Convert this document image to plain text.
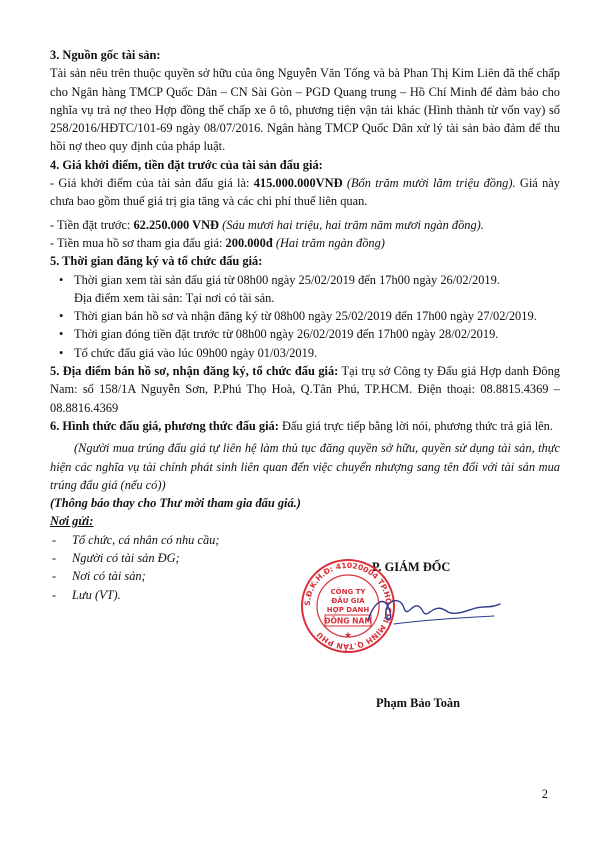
3. Nguồn gốc tài sản:

Tài sản nêu trên thuộc quyền sở hữu của ông Nguyễn Văn Tổng và bà Phan Thị Kim Liên đã thế chấp cho Ngân hàng TMCP Quốc Dân – CN Sài Gòn – PGD Quang trung – Hồ Chí Minh để đảm bảo cho nghĩa vụ trả nợ theo Hợp đồng thế chấp xe ô tô, phương tiện vận tải khác (Hình thành từ vốn vay) số 258/2016/HĐTC/101-69 ngày 08/07/2016. Ngân hàng TMCP Quốc Dân xử lý tài sản bảo đảm để thu hồi nợ theo quy định của pháp luật.

4. Giá khởi điểm, tiền đặt trước của tài sản đấu giá:

- Giá khởi điểm của tài sản đấu giá là: 415.000.000VNĐ (Bốn trăm mười lăm triệu đồng). Giá này chưa bao gồm thuế giá trị gia tăng và các chi phí thuế liên quan.

- Tiền đặt trước: 62.250.000 VNĐ (Sáu mươi hai triệu, hai trăm năm mươi ngàn đồng).

- Tiền mua hồ sơ tham gia đấu giá: 200.000đ (Hai trăm ngàn đồng)

5. Thời gian đăng ký và tổ chức đấu giá:

• Thời gian xem tài sản đấu giá từ 08h00 ngày 25/02/2019 đến 17h00 ngày 26/02/2019.
Địa điểm xem tài sản: Tại nơi có tài sản.
• Thời gian bán hồ sơ và nhận đăng ký từ 08h00 ngày 25/02/2019 đến 17h00 ngày 27/02/2019.
• Thời gian đóng tiền đặt trước từ 08h00 ngày 26/02/2019 đến 17h00 ngày 28/02/2019.
• Tổ chức đấu giá vào lúc 09h00 ngày 01/03/2019.

5. Địa điểm bán hồ sơ, nhận đăng ký, tổ chức đấu giá: Tại trụ sở Công ty Đấu giá Hợp danh Đông Nam: số 158/1A Nguyễn Sơn, P.Phú Thọ Hoà, Q.Tân Phú, TP.HCM. Điện thoại: 08.8815.4369 – 08.8816.4369

6. Hình thức đấu giá, phương thức đấu giá: Đấu giá trực tiếp bằng lời nói, phương thức trả giá lên.

(Người mua trúng đấu giá tự liên hệ làm thủ tục đăng quyền sở hữu, quyền sử dụng tài sản, thực hiện các nghĩa vụ tài chính phát sinh liên quan đến việc chuyển nhượng sang tên đối với tài sản mua trúng đấu giá (nếu có))

(Thông báo thay cho Thư mời tham gia đấu giá.)

Nơi gửi:

- Tổ chức, cá nhân có nhu cầu;
- Người có tài sản ĐG;
- Nơi có tài sản;
- Lưu (VT).
P. GIÁM ĐỐC
S.Đ.K.H.Đ: 41020004 TP.HỒ CHÍ MINH Q.TÂN PHÚ
CÔNG TY
ĐẤU GIÁ
HỢP DANH
ĐÔNG NAM
★
Phạm Bảo Toàn
2
